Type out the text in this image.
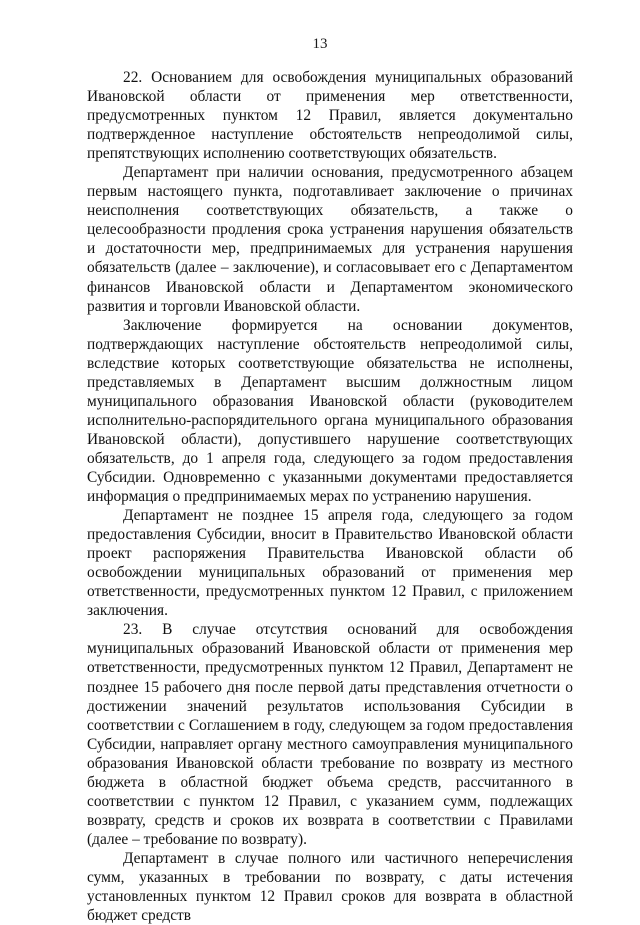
13

22. Основанием для освобождения муниципальных образований Ивановской области от применения мер ответственности, предусмотренных пунктом 12 Правил, является документально подтвержденное наступление обстоятельств непреодолимой силы, препятствующих исполнению соответствующих обязательств.

Департамент при наличии основания, предусмотренного абзацем первым настоящего пункта, подготавливает заключение о причинах неисполнения соответствующих обязательств, а также о целесообразности продления срока устранения нарушения обязательств и достаточности мер, предпринимаемых для устранения нарушения обязательств (далее – заключение), и согласовывает его с Департаментом финансов Ивановской области и Департаментом экономического развития и торговли Ивановской области.

Заключение формируется на основании документов, подтверждающих наступление обстоятельств непреодолимой силы, вследствие которых соответствующие обязательства не исполнены, представляемых в Департамент высшим должностным лицом муниципального образования Ивановской области (руководителем исполнительно-распорядительного органа муниципального образования Ивановской области), допустившего нарушение соответствующих обязательств, до 1 апреля года, следующего за годом предоставления Субсидии. Одновременно с указанными документами предоставляется информация о предпринимаемых мерах по устранению нарушения.

Департамент не позднее 15 апреля года, следующего за годом предоставления Субсидии, вносит в Правительство Ивановской области проект распоряжения Правительства Ивановской области об освобождении муниципальных образований от применения мер ответственности, предусмотренных пунктом 12 Правил, с приложением заключения.

23. В случае отсутствия оснований для освобождения муниципальных образований Ивановской области от применения мер ответственности, предусмотренных пунктом 12 Правил, Департамент не позднее 15 рабочего дня после первой даты представления отчетности о достижении значений результатов использования Субсидии в соответствии с Соглашением в году, следующем за годом предоставления Субсидии, направляет органу местного самоуправления муниципального образования Ивановской области требование по возврату из местного бюджета в областной бюджет объема средств, рассчитанного в соответствии с пунктом 12 Правил, с указанием сумм, подлежащих возврату, средств и сроков их возврата в соответствии с Правилами (далее – требование по возврату).

Департамент в случае полного или частичного неперечисления сумм, указанных в требовании по возврату, с даты истечения установленных пунктом 12 Правил сроков для возврата в областной бюджет средств
